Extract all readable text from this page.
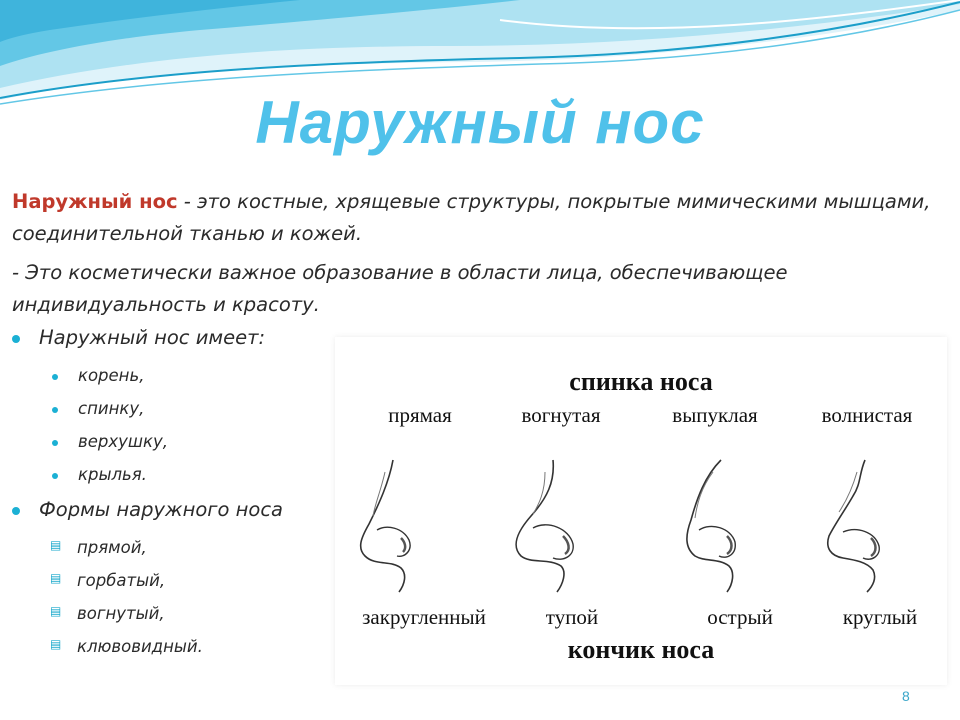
Наружный нос
Наружный нос - это костные, хрящевые структуры, покрытые мимическими мышцами, соединительной тканью и кожей.
- Это косметически важное образование в области лица, обеспечивающее индивидуальность и красоту.
Наружный нос имеет:
корень,
спинку,
верхушку,
крылья.
Формы наружного носа
▤ прямой,
▤ горбатый,
▤ вогнутый,
▤ клювовидный.
спинка носа
прямая	вогнутая	выпуклая	волнистая
закругленный	тупой	острый	круглый
кончик носа
8
